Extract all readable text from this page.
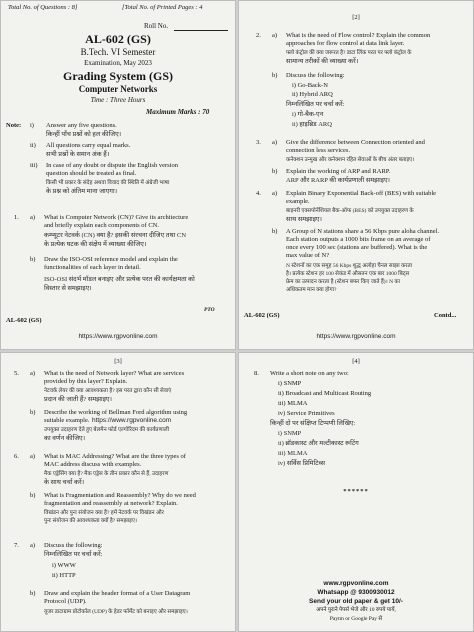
Total No. of Questions : 8]	[Total No. of Printed Pages : 4
Roll No.
AL-602 (GS)
B.Tech. VI Semester
Examination, May 2023
Grading System (GS)
Computer Networks
Time : Three Hours
Maximum Marks : 70
Note: i) Answer any five questions.
किन्हीं पाँच प्रश्नों को हल कीजिए।
ii) All questions carry equal marks.
सभी प्रश्नों के समान अंक हैं।
iii) In case of any doubt or dispute the English version
question should be treated as final.
किसी भी प्रकार के संदेह अथवा विवाद की स्थिति में अंग्रेजी भाषा
के प्रश्न को अंतिम माना जाएगा।
1. a) What is Computer Network (CN)? Give its architecture
and briefly explain each components of CN.
कम्प्यूटर नेटवर्क (CN) क्या है? इसकी संरचना दीजिए तथा CN
के प्रत्येक घटक की संक्षेप में व्याख्या कीजिए।
b) Draw the ISO-OSI reference model and explain the
functionalities of each layer in detail.
ISO-OSI संदर्भ मॉडल बनाइए और प्रत्येक परत की कार्यक्षमता को
विस्तार से समझाइए।
PTO
AL-602 (GS)
https://www.rgpvonline.com
[2]
2. a) What is the need of Flow control? Explain the common
approaches for flow control at data link layer.
फ्लो कंट्रोल की क्या जरूरत है? डाटा लिंक परत पर फ्लो कंट्रोल के
सामान्य तरीकों की व्याख्या करें।
b) Discuss the following:
i) Go-Back-N
ii) Hybrid ARQ
निम्नलिखित पर चर्चा करें:
i) गो-बैक-एन
ii) हाइब्रिड ARQ
3. a) Give the difference between Connection oriented and
connection less services.
कनेक्शन उन्मुख और कनेक्शन रहित सेवाओं के बीच अंतर बताइए।
b) Explain the working of ARP and RARP.
ARP और RARP की कार्यप्रणाली समझाइए।
4. a) Explain Binary Exponential Back-off (BES) with suitable
example.
बाइनरी एक्सपोनेंशियल बैक-ऑफ (BES) को उपयुक्त उदाहरण के
साथ समझाइए।
b) A Group of N stations share a 56 Kbps pure aloha channel.
Each station outputs a 1000 bits frame on an average of
once every 100 sec (stations are buffered). What is the
max value of N?
N स्टेशनों का एक समूह 56 Kbps शुद्ध अलोहा चैनल साझा करता
है। प्रत्येक स्टेशन हर 100 सेकंड में औसतन एक बार 1000 बिट्स
फ्रेम का उत्पादन करता है (स्टेशन बफर किए जाते हैं)। N का
अधिकतम मान क्या होगा?
AL-602 (GS)	Contd...
https://www.rgpvonline.com
[3]
5. a) What is the need of Network layer? What are services
provided by this layer? Explain.
नेटवर्क लेयर की क्या आवश्यकता है? इस परत द्वारा कौन सी सेवाएं
प्रदान की जाती हैं? समझाइए।
b) Describe the working of Bellman Ford algorithm using
suitable example. https://www.rgpvonline.com
उपयुक्त उदाहरण देते हुए बेलमैन फोर्ड एल्गोरिदम की कार्यप्रणाली
का वर्णन कीजिए।
6. a) What is MAC Addressing? What are the three types of
MAC address discuss with examples.
मैक एड्रेसिंग क्या है? मैक एड्रेस के तीन प्रकार कौन से हैं, उदाहरण
के साथ चर्चा करें।
b) What is Fragmentation and Reassembly? Why do we need
fragmentation and reassembly at network? Explain.
विखंडन और पुनः संयोजन क्या है? हमें नेटवर्क पर विखंडन और
पुनः संयोजन की आवश्यकता क्यों है? समझाइए।
7. a) Discuss the following:
निम्नलिखित पर चर्चा करें:
i) WWW
ii) HTTP
b) Draw and explain the header format of a User Datagram
Protocol (UDP).
यूजर डाटाग्राम प्रोटोकॉल (UDP) के हेडर फॉर्मेट को बनाइए और समझाइए।
[4]
8. Write a short note on any two:
i) SNMP
ii) Broadcast and Multicast Routing
iii) MLMA
iv) Service Primitives
किन्हीं दो पर संक्षिप्त टिप्पणी लिखिए:
i) SNMP
ii) ब्रॉडकास्ट और मल्टीकास्ट रूटिंग
iii) MLMA
iv) सर्विस प्रिमिटिव्स
******
www.rgpvonline.com
Whatsapp @ 9300930012
Send your old paper & get 10/-
अपने पुराने पेपर्स भेजे और 10 रुपये पायें,
Paytm or Google Pay से
